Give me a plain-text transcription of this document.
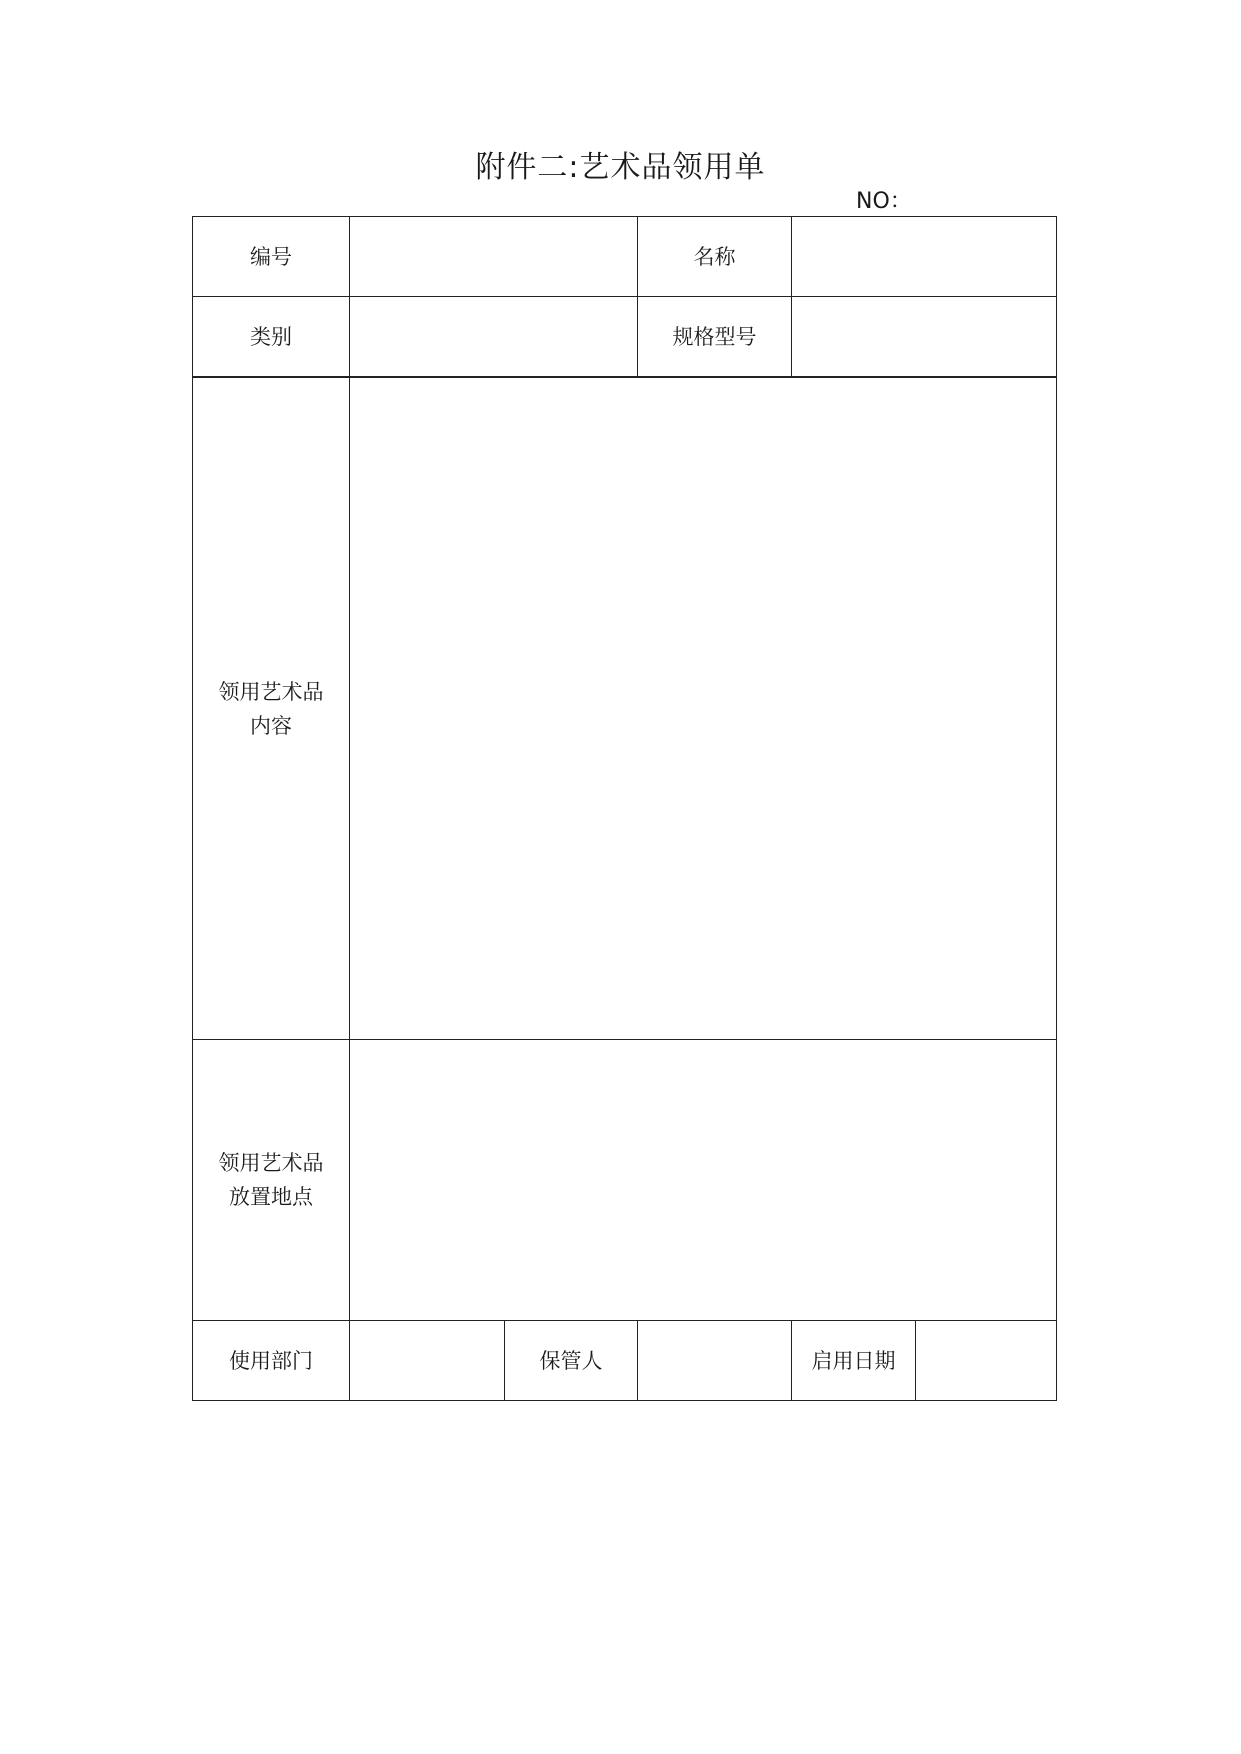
附件二:艺术品领用单
NO：
编号			名称		
类别			规格型号		

领用艺术品
内容					

领用艺术品
放置地点					

使用部门		保管人		启用日期	
